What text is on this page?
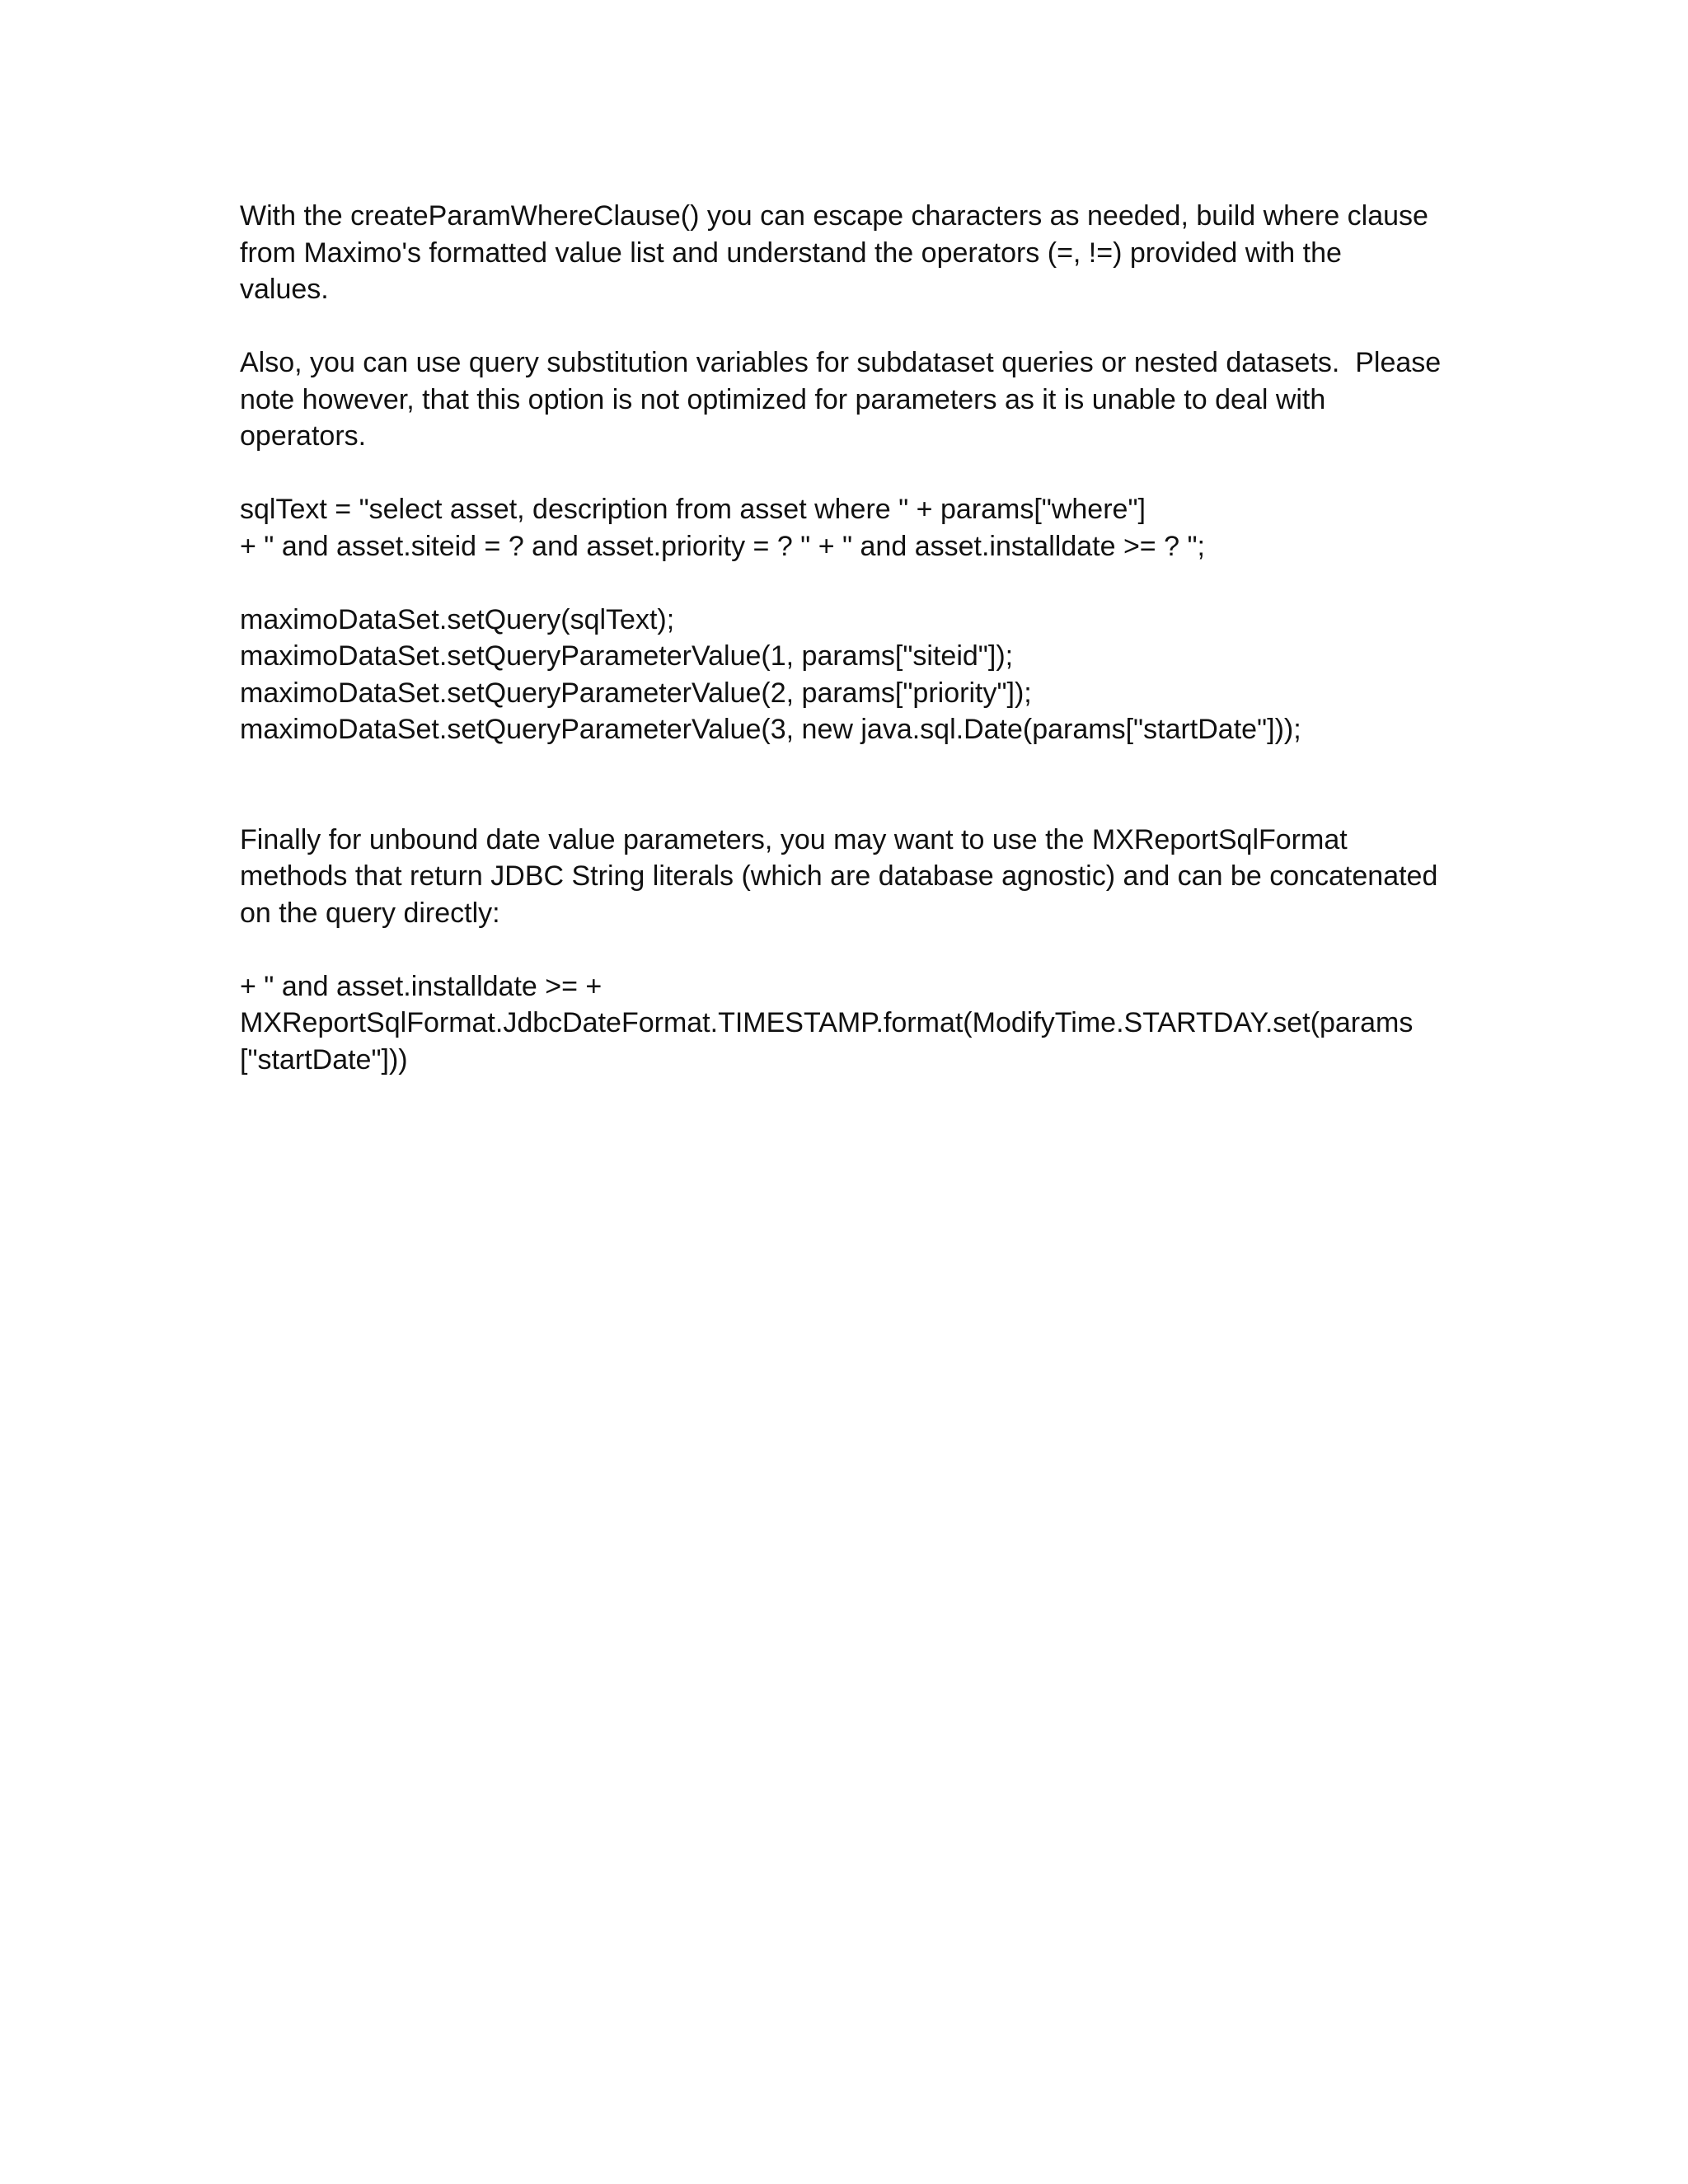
With the createParamWhereClause() you can escape characters as needed, build where clause
from Maximo's formatted value list and understand the operators (=, !=) provided with the
values.

Also, you can use query substitution variables for subdataset queries or nested datasets.  Please
note however, that this option is not optimized for parameters as it is unable to deal with
operators.

sqlText = "select asset, description from asset where " + params["where"]
+ " and asset.siteid = ? and asset.priority = ? " + " and asset.installdate >= ? ";

maximoDataSet.setQuery(sqlText);
maximoDataSet.setQueryParameterValue(1, params["siteid"]);
maximoDataSet.setQueryParameterValue(2, params["priority"]);
maximoDataSet.setQueryParameterValue(3, new java.sql.Date(params["startDate"]));

Finally for unbound date value parameters, you may want to use the MXReportSqlFormat
methods that return JDBC String literals (which are database agnostic) and can be concatenated
on the query directly:

+ " and asset.installdate >= +
MXReportSqlFormat.JdbcDateFormat.TIMESTAMP.format(ModifyTime.STARTDAY.set(params
["startDate"]))
